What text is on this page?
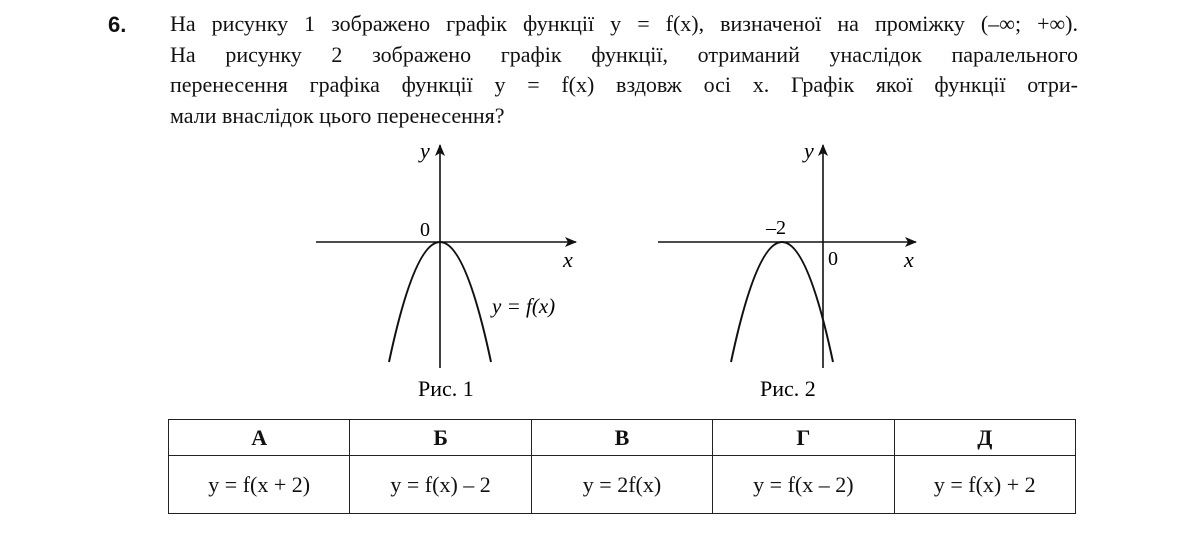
6. На рисунку 1 зображено графік функції y = f(x), визначеної на проміжку (–∞; +∞).
На рисунку 2 зображено графік функції, отриманий унаслідок паралельного
перенесення графіка функції y = f(x) вздовж осі x. Графік якої функції отри-
мали внаслідок цього перенесення?
y
x
0
y = f(x)
Рис. 1
y
x
0
–2
Рис. 2
А	Б	В	Г	Д
y = f(x + 2)	y = f(x) – 2	y = 2f(x)	y = f(x – 2)	y = f(x) + 2
